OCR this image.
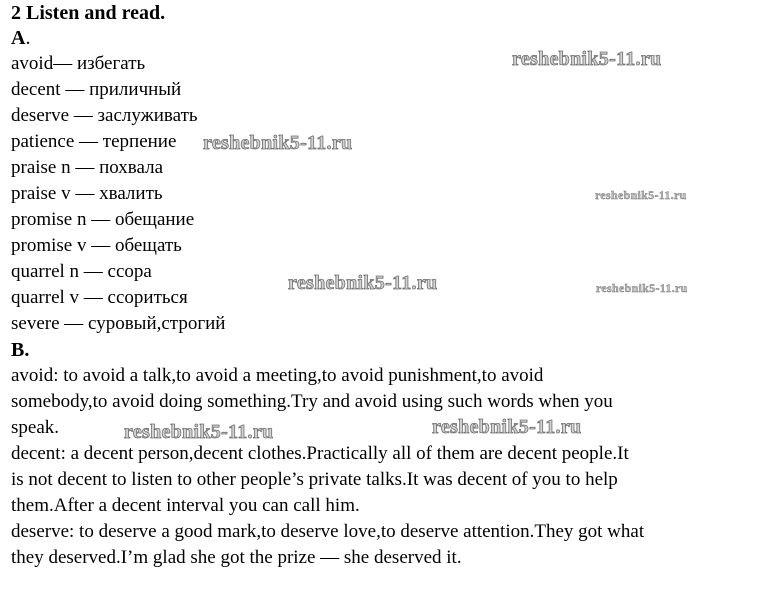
2 Listen and read.
A.
avoid— избегать
decent — приличный
deserve — заслуживать
patience — терпение
praise n — похвала
praise v — хвалить
promise n — обещание
promise v — обещать
quarrel n — ссора
quarrel v — ссориться
severe — суровый,строгий
B.
avoid: to avoid a talk,to avoid a meeting,to avoid punishment,to avoid
somebody,to avoid doing something.Try and avoid using such words when you
speak.
decent: a decent person,decent clothes.Practically all of them are decent people.It
is not decent to listen to other people’s private talks.It was decent of you to help
them.After a decent interval you can call him.
deserve: to deserve a good mark,to deserve love,to deserve attention.They got what
they deserved.I’m glad she got the prize — she deserved it.
reshebnik5-11.ru
reshebnik5-11.ru
reshebnik5-11.ru
reshebnik5-11.ru	reshebnik5-11.ru
reshebnik5-11.ru	reshebnik5-11.ru
